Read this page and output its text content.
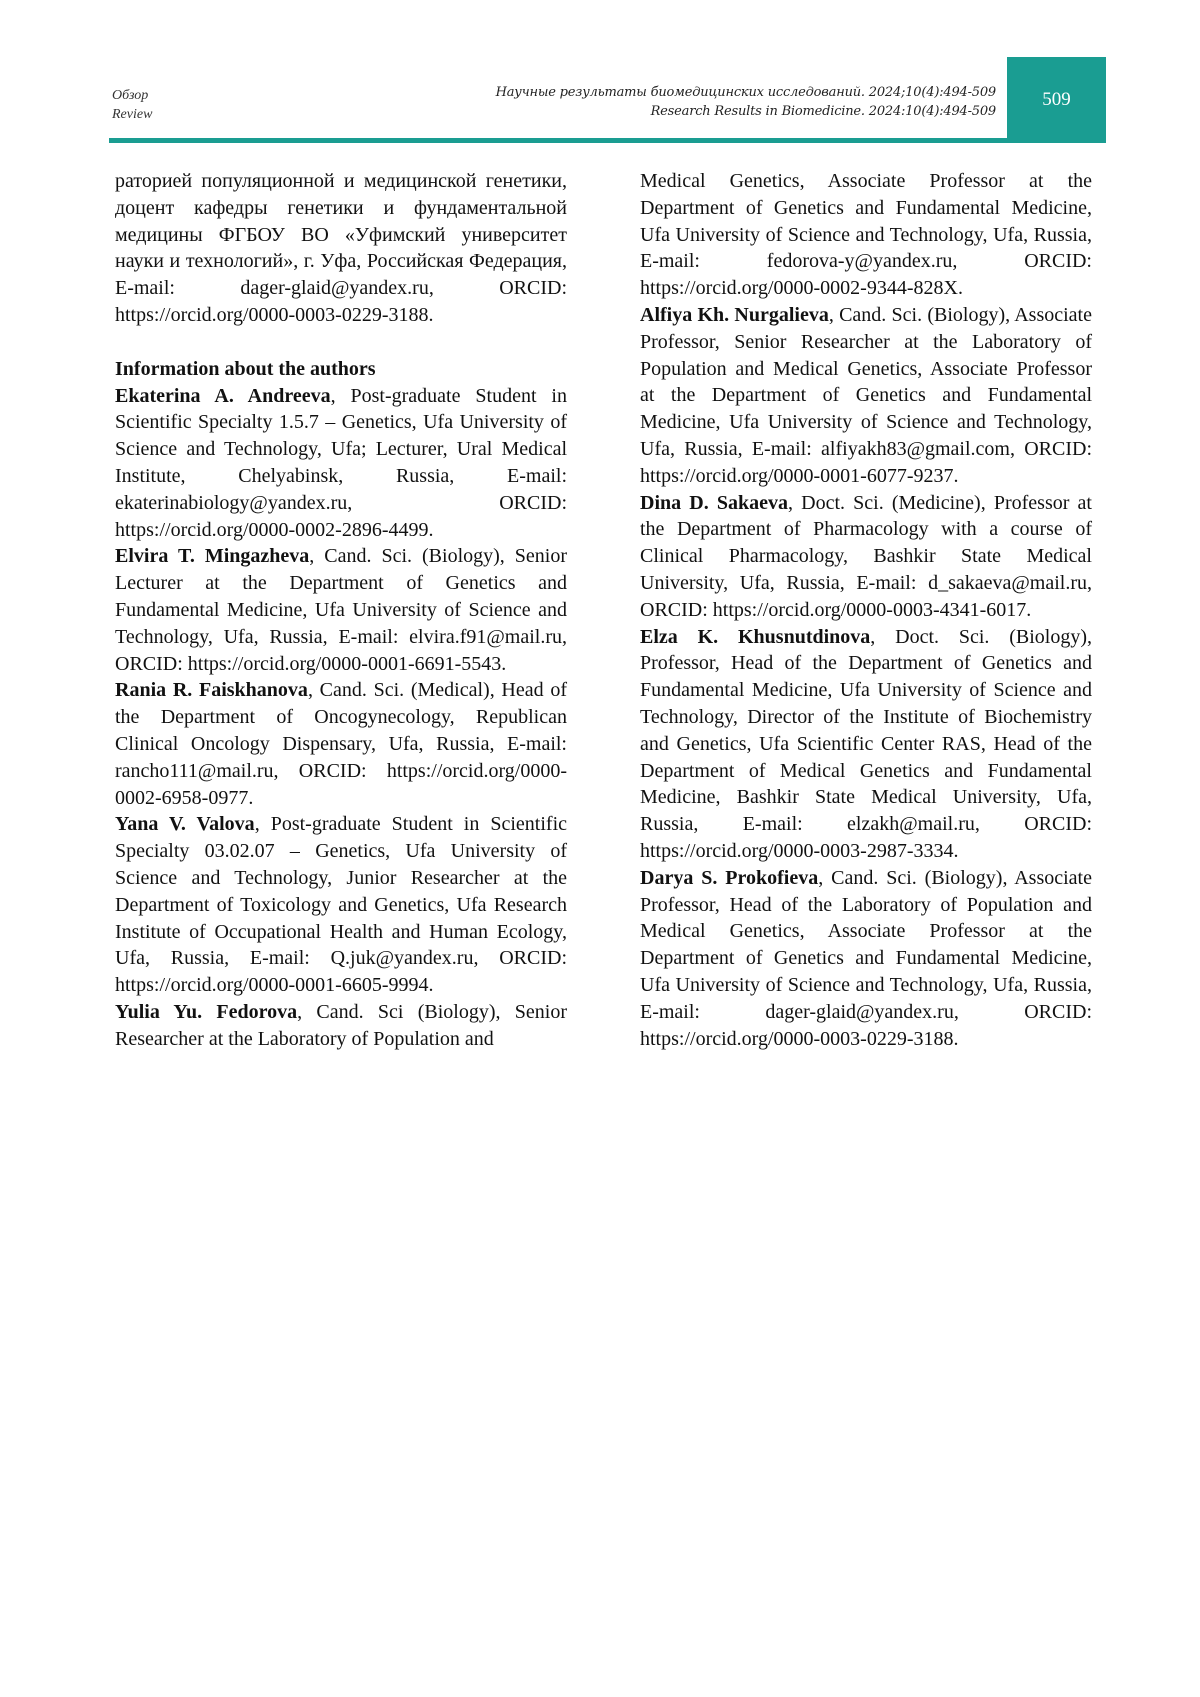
Обзор
Review
Научные результаты биомедицинских исследований. 2024;10(4):494-509
Research Results in Biomedicine. 2024:10(4):494-509
509

раторией популяционной и медицинской генетики, доцент кафедры генетики и фундаментальной медицины ФГБОУ ВО «Уфимский университет науки и технологий», г. Уфа, Российская Федерация, E-mail: dager-glaid@yandex.ru, ORCID: https://orcid.org/0000-0003-0229-3188.

Information about the authors

Ekaterina A. Andreeva, Post-graduate Student in Scientific Specialty 1.5.7 – Genetics, Ufa University of Science and Technology, Ufa; Lecturer, Ural Medical Institute, Chelyabinsk, Russia, E-mail: ekaterinabiology@yandex.ru, ORCID: https://orcid.org/0000-0002-2896-4499.

Elvira T. Mingazheva, Cand. Sci. (Biology), Senior Lecturer at the Department of Genetics and Fundamental Medicine, Ufa University of Science and Technology, Ufa, Russia, E-mail: elvira.f91@mail.ru, ORCID: https://orcid.org/0000-0001-6691-5543.

Rania R. Faiskhanova, Cand. Sci. (Medical), Head of the Department of Oncogynecology, Republican Clinical Oncology Dispensary, Ufa, Russia, E-mail: rancho111@mail.ru, ORCID: https://orcid.org/0000-0002-6958-0977.

Yana V. Valova, Post-graduate Student in Scientific Specialty 03.02.07 – Genetics, Ufa University of Science and Technology, Junior Researcher at the Department of Toxicology and Genetics, Ufa Research Institute of Occupational Health and Human Ecology, Ufa, Russia, E-mail: Q.juk@yandex.ru, ORCID: https://orcid.org/0000-0001-6605-9994.

Yulia Yu. Fedorova, Cand. Sci (Biology), Senior Researcher at the Laboratory of Population and

Medical Genetics, Associate Professor at the Department of Genetics and Fundamental Medicine, Ufa University of Science and Technology, Ufa, Russia, E-mail: fedorova-y@yandex.ru, ORCID: https://orcid.org/0000-0002-9344-828X.

Alfiya Kh. Nurgalieva, Cand. Sci. (Biology), Associate Professor, Senior Researcher at the Laboratory of Population and Medical Genetics, Associate Professor at the Department of Genetics and Fundamental Medicine, Ufa University of Science and Technology, Ufa, Russia, E-mail: alfiyakh83@gmail.com, ORCID: https://orcid.org/0000-0001-6077-9237.

Dina D. Sakaeva, Doct. Sci. (Medicine), Professor at the Department of Pharmacology with a course of Clinical Pharmacology, Bashkir State Medical University, Ufa, Russia, E-mail: d_sakaeva@mail.ru, ORCID: https://orcid.org/0000-0003-4341-6017.

Elza K. Khusnutdinova, Doct. Sci. (Biology), Professor, Head of the Department of Genetics and Fundamental Medicine, Ufa University of Science and Technology, Director of the Institute of Biochemistry and Genetics, Ufa Scientific Center RAS, Head of the Department of Medical Genetics and Fundamental Medicine, Bashkir State Medical University, Ufa, Russia, E-mail: elzakh@mail.ru, ORCID: https://orcid.org/0000-0003-2987-3334.

Darya S. Prokofieva, Cand. Sci. (Biology), Associate Professor, Head of the Laboratory of Population and Medical Genetics, Associate Professor at the Department of Genetics and Fundamental Medicine, Ufa University of Science and Technology, Ufa, Russia, E-mail: dager-glaid@yandex.ru, ORCID: https://orcid.org/0000-0003-0229-3188.
